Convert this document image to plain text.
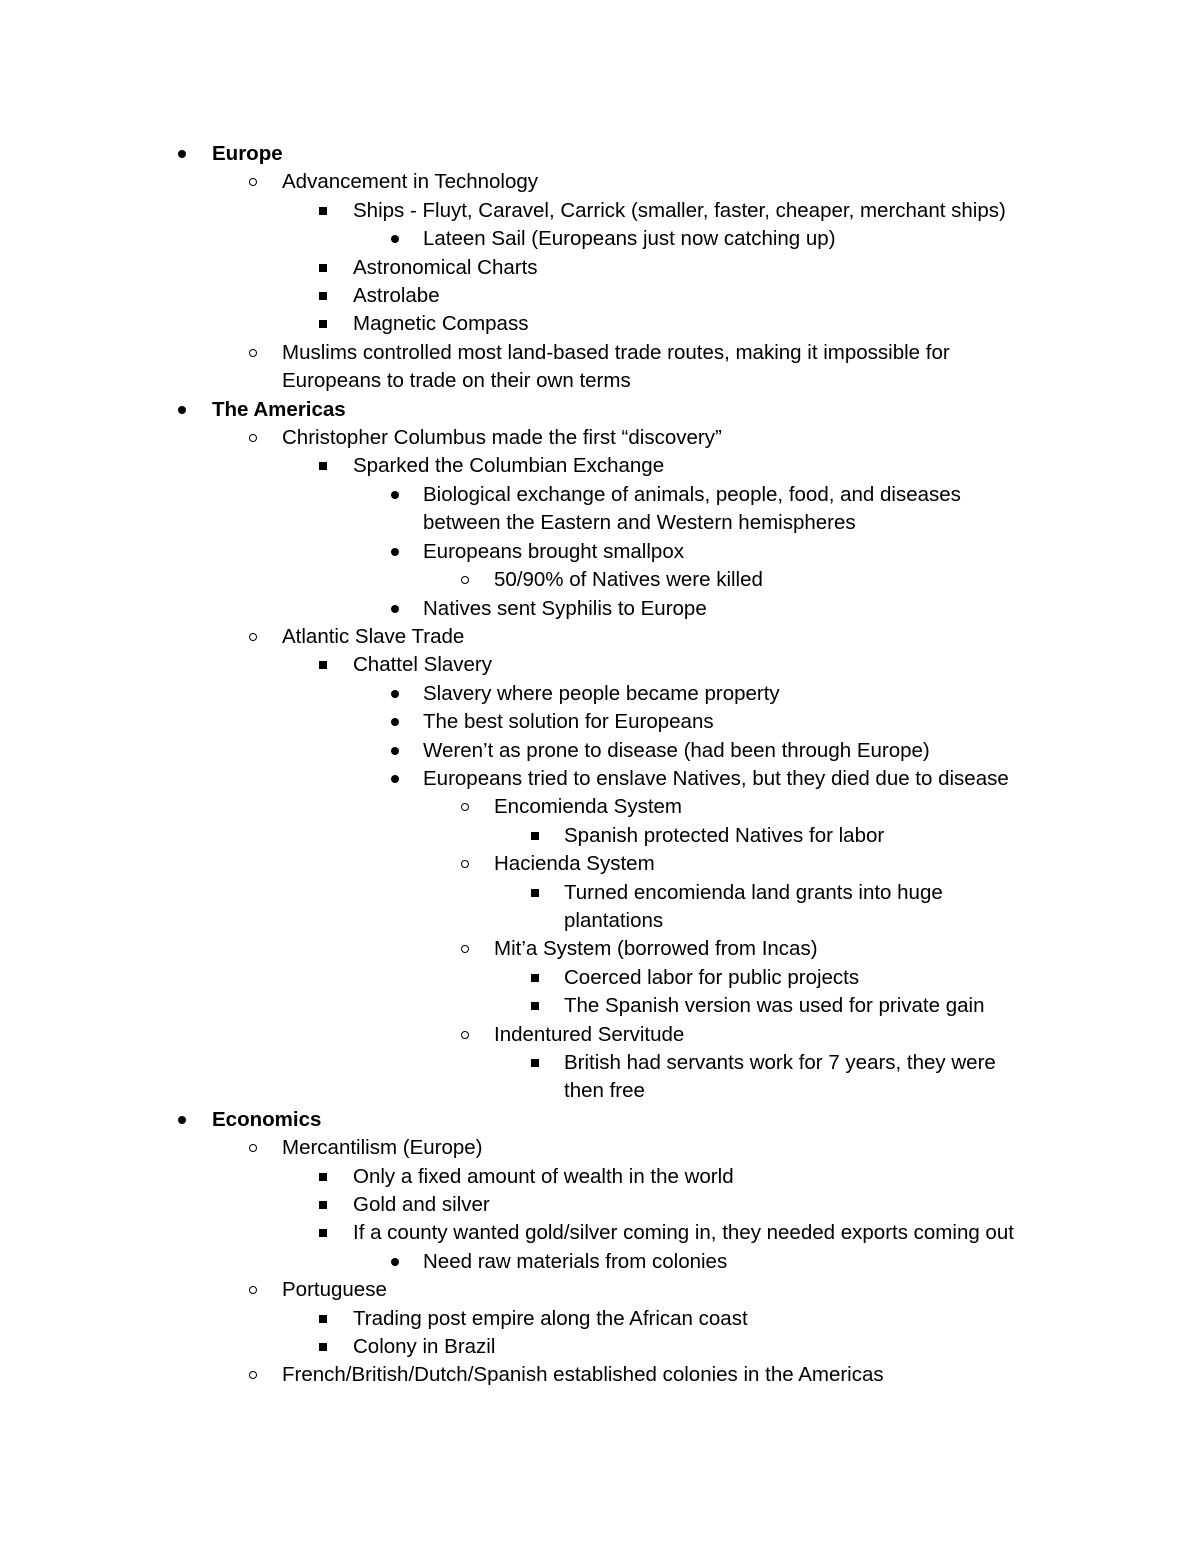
Europe
Advancement in Technology
Ships - Fluyt, Caravel, Carrick (smaller, faster, cheaper, merchant ships)
Lateen Sail (Europeans just now catching up)
Astronomical Charts
Astrolabe
Magnetic Compass
Muslims controlled most land-based trade routes, making it impossible for
Europeans to trade on their own terms
The Americas
Christopher Columbus made the first “discovery”
Sparked the Columbian Exchange
Biological exchange of animals, people, food, and diseases
between the Eastern and Western hemispheres
Europeans brought smallpox
50/90% of Natives were killed
Natives sent Syphilis to Europe
Atlantic Slave Trade
Chattel Slavery
Slavery where people became property
The best solution for Europeans
Weren’t as prone to disease (had been through Europe)
Europeans tried to enslave Natives, but they died due to disease
Encomienda System
Spanish protected Natives for labor
Hacienda System
Turned encomienda land grants into huge
plantations
Mit’a System (borrowed from Incas)
Coerced labor for public projects
The Spanish version was used for private gain
Indentured Servitude
British had servants work for 7 years, they were
then free
Economics
Mercantilism (Europe)
Only a fixed amount of wealth in the world
Gold and silver
If a county wanted gold/silver coming in, they needed exports coming out
Need raw materials from colonies
Portuguese
Trading post empire along the African coast
Colony in Brazil
French/British/Dutch/Spanish established colonies in the Americas
